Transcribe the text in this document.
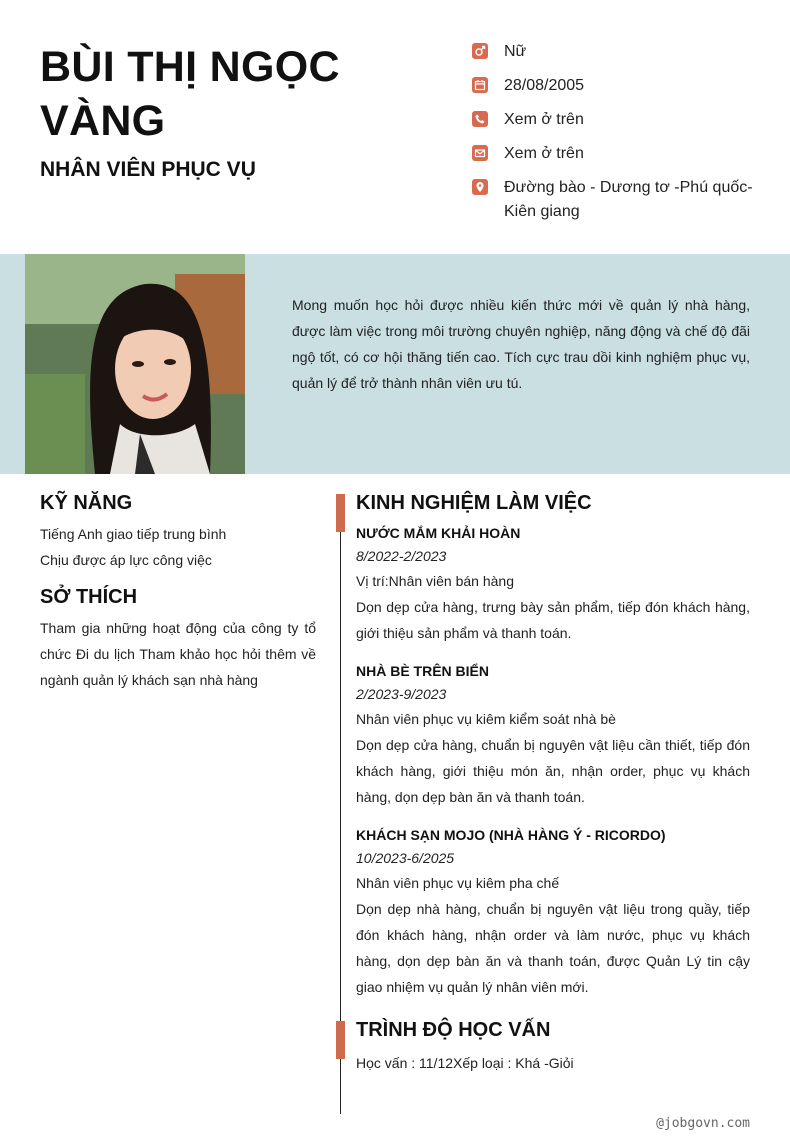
BÙI THỊ NGỌC VÀNG
NHÂN VIÊN PHỤC VỤ
Nữ
28/08/2005
Xem ở trên
Xem ở trên
Đường bào - Dương tơ -Phú quốc- Kiên giang
Mong muốn học hỏi được nhiều kiến thức mới về quản lý nhà hàng, được làm việc trong môi trường chuyên nghiệp, năng động và chế độ đãi ngộ tốt, có cơ hội thăng tiến cao. Tích cực trau dồi kinh nghiệm phục vụ, quản lý để trở thành nhân viên ưu tú.
KỸ NĂNG
Tiếng Anh giao tiếp trung bình
Chịu được áp lực công việc
SỞ THÍCH
Tham gia những hoạt động của công ty tổ chức Đi du lịch Tham khảo học hỏi thêm về ngành quản lý khách sạn nhà hàng
KINH NGHIỆM LÀM VIỆC
NƯỚC MẮM KHẢI HOÀN
8/2022-2/2023
Vị trí:Nhân viên bán hàng
Dọn dẹp cửa hàng, trưng bày sản phẩm, tiếp đón khách hàng, giới thiệu sản phẩm và thanh toán.
NHÀ BÈ TRÊN BIỂN
2/2023-9/2023
Nhân viên phục vụ kiêm kiểm soát nhà bè
Dọn dẹp cửa hàng, chuẩn bị nguyên vật liệu cần thiết, tiếp đón khách hàng, giới thiệu món ăn, nhận order, phục vụ khách hàng, dọn dẹp bàn ăn và thanh toán.
KHÁCH SẠN MOJO (NHÀ HÀNG Ý - RICORDO)
10/2023-6/2025
Nhân viên phục vụ kiêm pha chế
Dọn dẹp nhà hàng, chuẩn bị nguyên vật liệu trong quầy, tiếp đón khách hàng, nhận order và làm nước, phục vụ khách hàng, dọn dẹp bàn ăn và thanh toán, được Quản Lý tin cậy giao nhiệm vụ quản lý nhân viên mới.
TRÌNH ĐỘ HỌC VẤN
Học vấn : 11/12Xếp loại : Khá -Giỏi
@jobgovn.com
